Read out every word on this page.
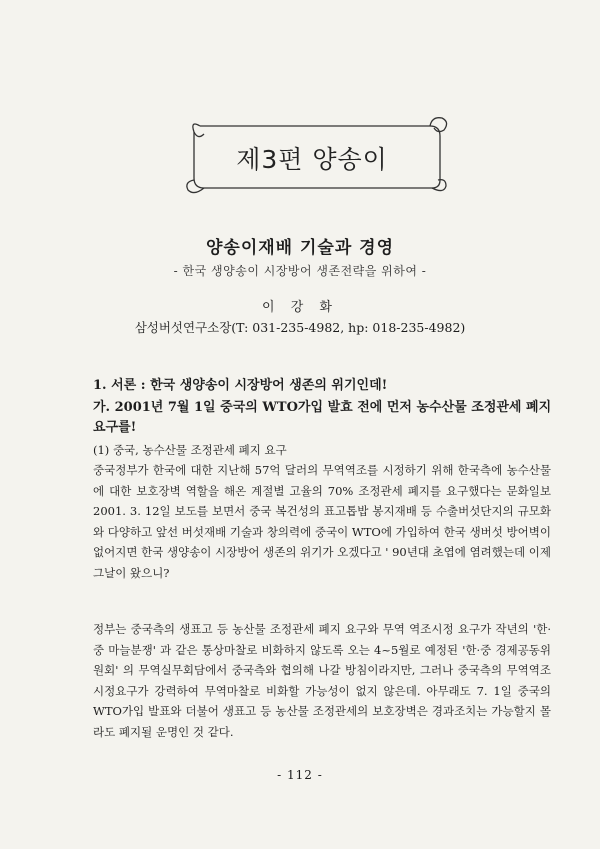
제3편 양송이
양송이재배 기술과 경영
- 한국 생양송이 시장방어 생존전략을 위하여 -
이 강 화
삼성버섯연구소장(T: 031-235-4982, hp: 018-235-4982)
1. 서론 : 한국 생양송이 시장방어 생존의 위기인데!
가. 2001년 7월 1일 중국의 WTO가입 발효 전에 먼저 농수산물 조정관세 폐지 요구를!
(1) 중국, 농수산물 조정관세 폐지 요구
중국정부가 한국에 대한 지난해 57억 달러의 무역역조를 시정하기 위해 한국측에 농수산물에 대한 보호장벽 역할을 해온 계절별 고율의 70% 조정관세 폐지를 요구했다는 문화일보 2001. 3. 12일 보도를 보면서 중국 복건성의 표고톱밥 봉지재배 등 수출버섯단지의 규모화와 다양하고 앞선 버섯재배 기술과 창의력에 중국이 WTO에 가입하여 한국 생버섯 방어벽이 없어지면 한국 생양송이 시장방어 생존의 위기가 오겠다고 ' 90년대 초엽에 염려했는데 이제 그날이 왔으니?
정부는 중국측의 생표고 등 농산물 조정관세 폐지 요구와 무역 역조시정 요구가 작년의 '한·중 마늘분쟁' 과 같은 통상마찰로 비화하지 않도록 오는 4~5월로 예정된 '한·중 경제공동위원회' 의 무역실무회담에서 중국측와 협의해 나갈 방침이라지만, 그러나 중국측의 무역역조 시정요구가 강력하여 무역마찰로 비화할 가능성이 없지 않은데. 아무래도 7. 1일 중국의 WTO가입 발표와 더불어 생표고 등 농산물 조정관세의 보호장벽은 경과조치는 가능할지 몰라도 폐지될 운명인 것 같다.
- 112 -
